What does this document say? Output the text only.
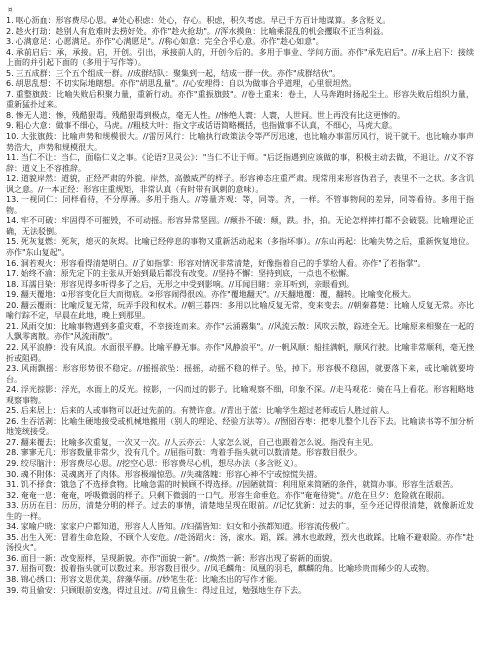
¤
1. 呕心沥血：形容费尽心思。#处心积虑：处心，存心。积虑，积久考虑。早已千方百计地谋算。多含贬义。
2. 趁火打劫：趁别人有危难时去捞好处。亦作"趁火抢劫"。//浑水摸鱼：比喻乘混乱的机会攫取不正当利益。
3. 心满意足：心愿满足。亦作"心满愿足"。//称心如意：完全合乎心意。亦作"趁心如意"。
4. 承前启后：承，承接。启，开创。引出，承接前人的，开创今后的。多用于事业、学问方面。亦作"承先启后"。//承上启下：接续上面的并引起下面的（多用于写作等）。
5. 三五成群：三个五个组成一群。//成群结队：聚集到一起，结成一群一伙。亦作"成群结伙"。
6. 胡思乱想：不切实际地瞎想。亦作"胡思乱量"。//心安理得：自以为做事合乎道理，心里很坦然。
7. 重整旗鼓：比喻失败后积聚力量，重新行动。亦作"重振旗鼓"。//卷土重来：卷土，人马奔跑时扬起尘土。形容失败后组织力量，重新猛扑过来。
8. 惨无人道：惨，残酷狠毒。残酷狠毒到极点，毫无人性。//惨绝人寰：人寰，人世间。世上再没有比这更惨的。
9. 粗心大意：做事不细心，马虎。//粗枝大叶：指文字或话语简略概括，也指做事不认真，不细心，马虎大意。
10. 大张旗鼓：比喻声势和规模很大。//雷厉风行：比喻执行政策法令等严厉迅速，也比喻办事雷厉风行，说干就干。也比喻办事声势浩大，声势和规模很大。
11. 当仁不让：当仁，面临仁义之事。《论语?卫灵公》："当仁不让于师。"后泛指遇到应该做的事，积极主动去做，不退让。//义不容辞：道义上不容推辞。
12. 道貌岸然：道貌，正经严肃的外貌。岸然，高傲威严的样子。形容神态庄重严肃。现常用来形容伪君子，表里不一之状。多含讥讽之意。//一本正经：形容庄重规矩，非常认真（有时带有讽刺的意味）。
13. 一视同仁：同样看待，不分厚薄。多用于指人。//等量齐观：等，同等。齐，一样。不管事物间的差异，同等看待。多用于指物。
14. 牢不可破：牢固得不可摧毁，不可动摇。形容异常坚固。//颠扑不破：颠，跌。扑，拍。无论怎样摔打都不会破裂。比喻理论正确，无法驳倒。
15. 死灰复燃：死灰，熄灭的灰烬。比喻已经停息的事物又重新活动起来（多指坏事）。//东山再起：比喻失势之后，重新恢复地位。亦作"东山复起"。
16. 洞若观火：形容看得清楚明白。//了如指掌：形容对情况非常清楚，好像指着自己的手掌给人看。亦作"了若指掌"。
17. 始终不渝：原先定下的主张从开始到最后都没有改变。//坚持不懈：坚持到底，一点也不松懈。
18. 耳濡目染：形容见得多听得多了之后，无形之中受到影响。//耳闻目睹：亲耳听到，亲眼看到。
19. 翻天覆地：①形容变化巨大而彻底。②形容闹得很凶。亦作"覆地翻天"。//天翻地覆：覆，翻转。比喻变化极大。
20. 翻云覆雨：比喻反复无常，玩弄手段和权术。//朝三暮四：多用以比喻反复无常，变来变去。//朝秦暮楚：比喻人反复无常。亦比喻行踪不定，早晨在此地，晚上到那里。
21. 风雨交加：比喻事物遇到多重灾难，不幸接连而来。亦作"云涌霧集"。//风流云散：风吹云散，踪迹全无。比喻原来相聚在一起的人飘零离散。亦作"风流雨散"。
22. 风平浪静：没有风浪。水面很平静。比喻平静无事。亦作"风静浪平"。//一帆风顺：船挂满帆，顺风行驶。比喻非常顺利，毫无挫折或阻碍。
23. 风雨飘摇：形容形势很不稳定。//摇摇欲坠：摇摇，动摇不稳的样子。坠，掉下。形容极不稳固，就要落下来，或比喻就要垮台。
24. 浮光掠影：浮光，水面上的反光。掠影，一闪而过的影子。比喻观察不细，印象不深。//走马观花：骑在马上看花。形容粗略地观察事物。
25. 后来居上：后来的人或事物可以赶过先前的。有赞许意。//青出于蓝：比喻学生超过老师或后人胜过前人。
26. 生吞活剥：比喻生硬地接受或机械地搬用（别人的理论、经验方法等）。//囫囵吞枣：把枣儿整个儿吞下去。比喻读书等不加分析地笼统接受。
27. 翻来覆去：比喻多次重复，一次又一次。//人云亦云：人家怎么说，自己也跟着怎么说。指没有主见。
28. 寥寥无几：形容数量非常少，没有几个。//屈指可数：弯着手指头就可以数清楚。形容数目很少。
29. 绞尽脑汁：形容费尽心思。//挖空心思：形容费尽心机，想尽办法（多含贬义）。
30. 魂不附体：灵魂离开了肉体。形容极端惊恐。//失魂落魄：形容心神不宁或惊慌失措。
31. 饥不择食：饿急了不选择食物。比喻急需的时候顾不得选择。//因陋就简：利用原来简陋的条件，就简办事。形容生活艰苦。
32. 奄奄一息：奄奄，呼吸微弱的样子。只剩下微弱的一口气。形容生命垂危。亦作"奄奄待毙"。//危在旦夕：危险就在眼前。
33. 历历在目：历历，清楚分明的样子。过去的事情，清楚地呈现在眼前。//记忆犹新：过去的事，至今还记得很清楚，就像新近发生的一样。
34. 家喻户晓：家家户户都知道，形容人人皆知。//妇孺皆知：妇女和小孩都知道。形容流传极广。
35. 出生入死：冒着生命危险，不顾个人安危。//赴汤蹈火：汤，滚水。蹈，踩。沸水也敢蹚，烈火也敢踩。比喻不避艰险。亦作"赴汤投火"。
36. 面目一新：改变原样，呈现新貌。亦作"面貌一新"。//焕然一新：形容出现了崭新的面貌。
37. 屈指可数：扳着指头就可以数过来。形容数目很少。//凤毛麟角：凤凰的羽毛，麒麟的角。比喻珍贵而稀少的人或物。
38. 锦心绣口：形容文思优美，辞藻华丽。//妙笔生花：比喻杰出的写作才能。
39. 苟且偷安：只顾眼前安逸，得过且过。//苟且偷生：得过且过，勉强地生存下去。
